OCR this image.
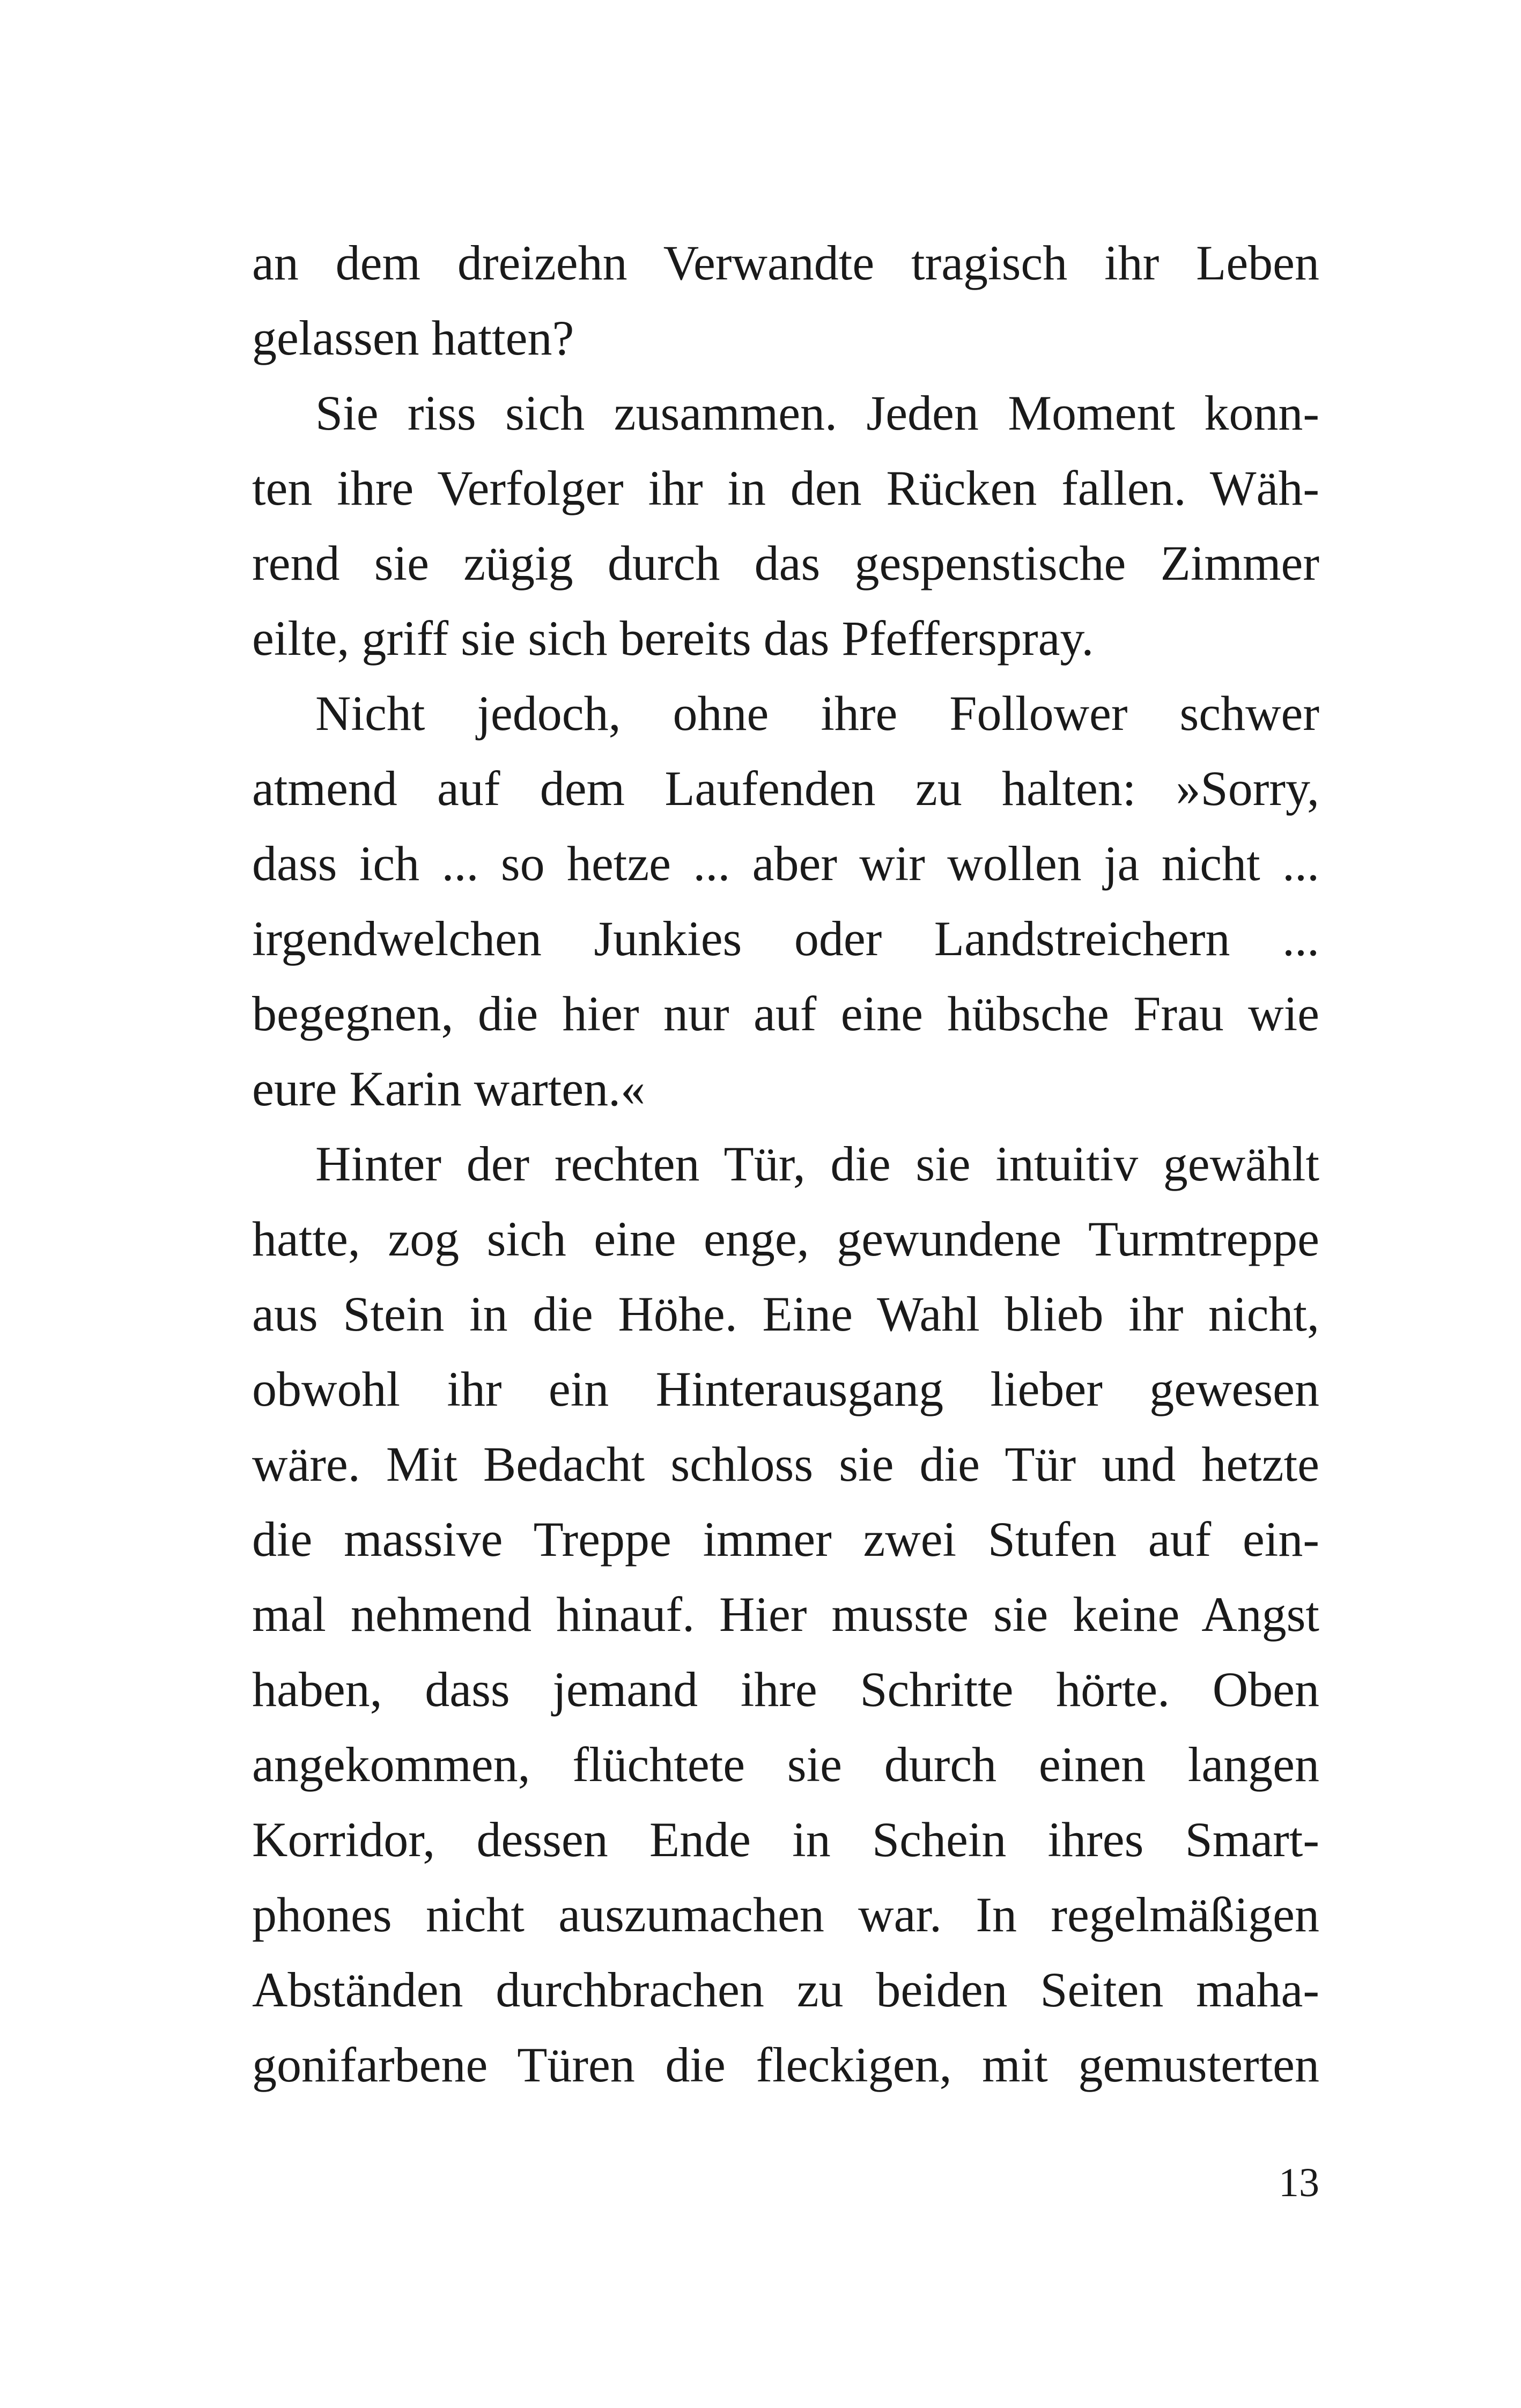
an dem dreizehn Verwandte tragisch ihr Leben
gelassen hatten?
Sie riss sich zusammen. Jeden Moment konn-
ten ihre Verfolger ihr in den Rücken fallen. Wäh-
rend sie zügig durch das gespenstische Zimmer
eilte, griff sie sich bereits das Pfefferspray.
Nicht jedoch, ohne ihre Follower schwer
atmend auf dem Laufenden zu halten: »Sorry,
dass ich ... so hetze ... aber wir wollen ja nicht ...
irgendwelchen Junkies oder Landstreichern ...
begegnen, die hier nur auf eine hübsche Frau wie
eure Karin warten.«
Hinter der rechten Tür, die sie intuitiv gewählt
hatte, zog sich eine enge, gewundene Turmtreppe
aus Stein in die Höhe. Eine Wahl blieb ihr nicht,
obwohl ihr ein Hinterausgang lieber gewesen
wäre. Mit Bedacht schloss sie die Tür und hetzte
die massive Treppe immer zwei Stufen auf ein-
mal nehmend hinauf. Hier musste sie keine Angst
haben, dass jemand ihre Schritte hörte. Oben
angekommen, flüchtete sie durch einen langen
Korridor, dessen Ende in Schein ihres Smart-
phones nicht auszumachen war. In regelmäßigen
Abständen durchbrachen zu beiden Seiten maha-
gonifarbene Türen die fleckigen, mit gemusterten
13
